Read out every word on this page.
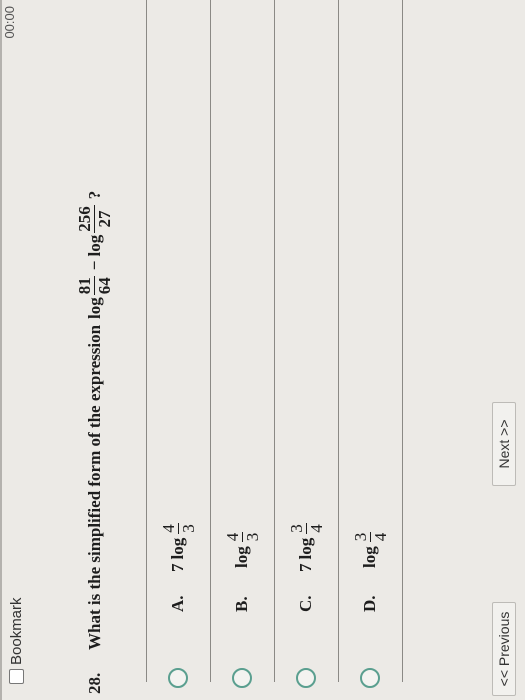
00:00
Bookmark
28.
What is the simplified form of the expression
log
81 64
−
log
256 27
?
A.
7
log
4 3
B.
log
4 3
C.
7
log
3 4
D.
log
3 4
<< Previous
Next >>
